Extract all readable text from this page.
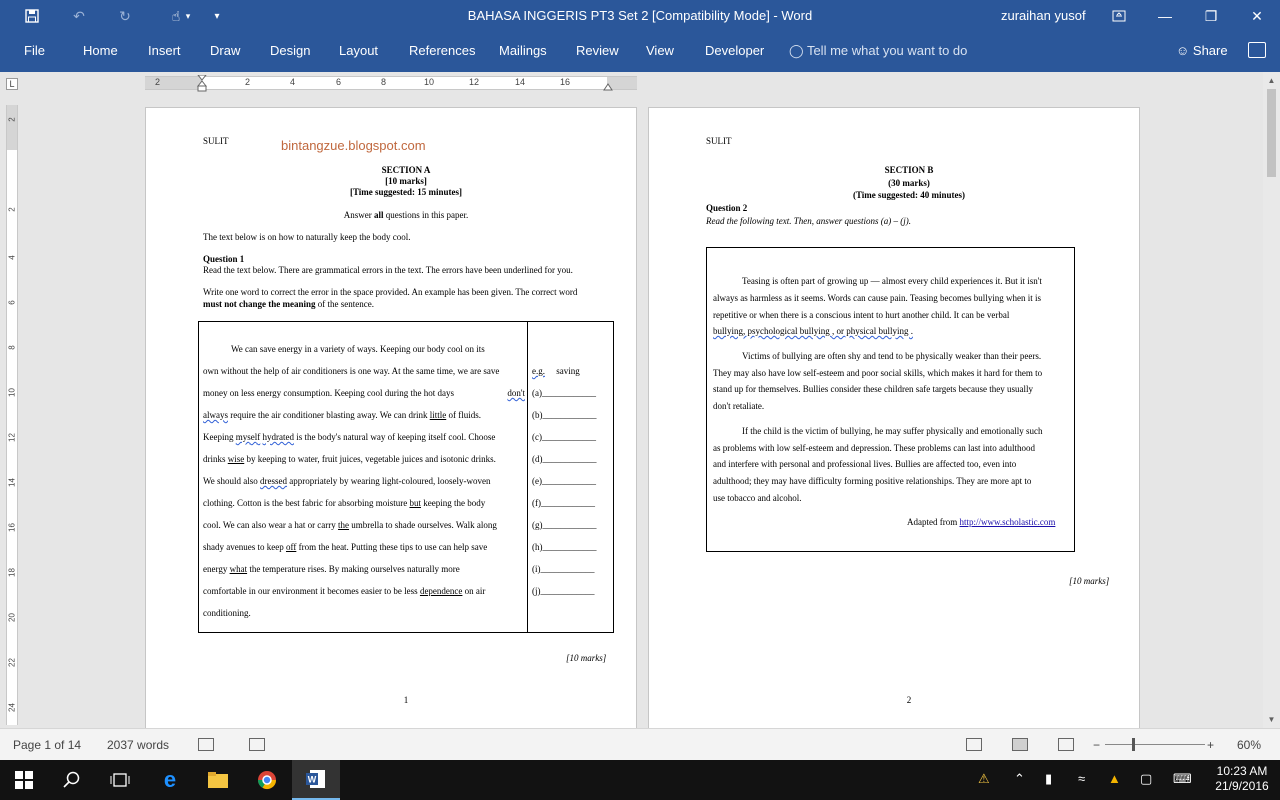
↶	↻	☝ ▾	▾	BAHASA INGGERIS PT3 Set 2 [Compatibility Mode] - Word	zuraihan yusof	—	❐	✕
File	Home Insert Draw Design Layout References Mailings Review View Developer ◯ Tell me what you want to do	☺ Share
L	2	2	4	6	8	10	12	14	16
2
2
4
6
8
10
12
14
16
18
20
22
24
SULIT	bintangzue.blogspot.com
SECTION A
[10 marks]
[Time suggested: 15 minutes]
Answer all questions in this paper.
The text below is on how to naturally keep the body cool.
Question 1
Read the text below. There are grammatical errors in the text. The errors have been underlined for you.
Write one word to correct the error in the space provided. An example has been given. The correct word
must not change the meaning of the sentence.
We can save energy in a variety of ways. Keeping our body cool on its
own without the help of air conditioners is one way. At the same time, we are save
money on less energy consumption. Keeping cool during the hot days	don't
always require the air conditioner blasting away. We can drink little of fluids.
Keeping myself hydrated is the body's natural way of keeping itself cool. Choose
drinks wise by keeping to water, fruit juices, vegetable juices and isotonic drinks.
We should also dressed appropriately by wearing light-coloured, loosely-woven
clothing. Cotton is the best fabric for absorbing moisture but keeping the body
cool. We can also wear a hat or carry the umbrella to shade ourselves. Walk along
shady avenues to keep off from the heat. Putting these tips to use can help save
energy what the temperature rises. By making ourselves naturally more
comfortable in our environment it becomes easier to be less dependence on air
conditioning.
e.g. saving
(a)____________
(b)____________
(c)____________
(d)____________
(e)____________
(f)____________
(g)____________
(h)____________
(i)____________
(j)____________
[10 marks]
1
SULIT
SECTION B
(30 marks)
(Time suggested: 40 minutes)
Question 2
Read the following text. Then, answer questions (a) – (j).
Teasing is often part of growing up — almost every child experiences it. But it isn't
always as harmless as it seems. Words can cause pain. Teasing becomes bullying when it is
repetitive or when there is a conscious intent to hurt another child. It can be verbal
bullying, psychological bullying , or physical bullying .
Victims of bullying are often shy and tend to be physically weaker than their peers.
They may also have low self-esteem and poor social skills, which makes it hard for them to
stand up for themselves. Bullies consider these children safe targets because they usually
don't retaliate.
If the child is the victim of bullying, he may suffer physically and emotionally such
as problems with low self-esteem and depression. These problems can last into adulthood
and interfere with personal and professional lives. Bullies are affected too, even into
adulthood; they may have difficulty forming positive relationships. They are more apt to
use tobacco and alcohol.
Adapted from http://www.scholastic.com
[10 marks]
2
▲
▼
Page 1 of 14 2037 words	−	+ 60%
e	W	⚠ ⌃ ▮ ≈ ▲ ▢ ⌨	10:23 AM
21/9/2016
